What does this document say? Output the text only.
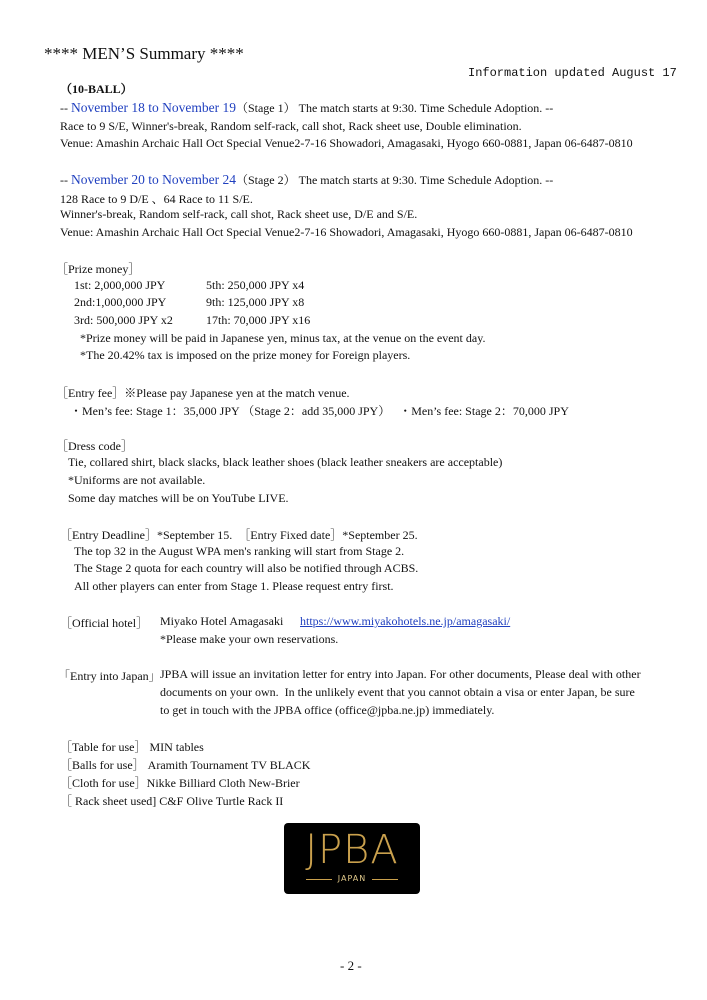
**** MEN’S Summary ****
Information updated August 17
（10-BALL）
-- November 18 to November 19（Stage 1） The match starts at 9:30. Time Schedule Adoption. --
Race to 9 S/E, Winner's-break, Random self-rack, call shot, Rack sheet use, Double elimination.
Venue: Amashin Archaic Hall Oct Special Venue2-7-16 Showadori, Amagasaki, Hyogo 660-0881, Japan 06-6487-0810
-- November 20 to November 24（Stage 2） The match starts at 9:30. Time Schedule Adoption. --
128 Race to 9 D/E 、64 Race to 11 S/E.
Winner's-break, Random self-rack, call shot, Rack sheet use, D/E and S/E.
Venue: Amashin Archaic Hall Oct Special Venue2-7-16 Showadori, Amagasaki, Hyogo 660-0881, Japan 06-6487-0810
［Prize money］
1st: 2,000,000 JPY	5th: 250,000 JPY x4
2nd:1,000,000 JPY	9th: 125,000 JPY x8
3rd: 500,000 JPY x2	17th: 70,000 JPY x16
*Prize money will be paid in Japanese yen, minus tax, at the venue on the event day.
*The 20.42% tax is imposed on the prize money for Foreign players.
［Entry fee］※Please pay Japanese yen at the match venue.
・Men’s fee: Stage 1：35,000 JPY （Stage 2：add 35,000 JPY）   ・Men’s fee: Stage 2：70,000 JPY
［Dress code］
Tie, collared shirt, black slacks, black leather shoes (black leather sneakers are acceptable)
*Uniforms are not available.
Some day matches will be on YouTube LIVE.
［Entry Deadline］*September 15.  ［Entry Fixed date］*September 25.
The top 32 in the August WPA men's ranking will start from Stage 2.
The Stage 2 quota for each country will also be notified through ACBS.
All other players can enter from Stage 1. Please request entry first.
［Official hotel］ Miyako Hotel Amagasaki https://www.miyakohotels.ne.jp/amagasaki/
*Please make your own reservations.
「Entry into Japan」 JPBA will issue an invitation letter for entry into Japan. For other documents, Please deal with other
documents on your own.  In the unlikely event that you cannot obtain a visa or enter Japan, be sure
to get in touch with the JPBA office (office@jpba.ne.jp) immediately.
［Table for use］ MIN tables
［Balls for use］ Aramith Tournament TV BLACK
［Cloth for use］Nikke Billiard Cloth New-Brier
［ Rack sheet used] C&F Olive Turtle Rack II
JPBA
JAPAN
- 2 -
